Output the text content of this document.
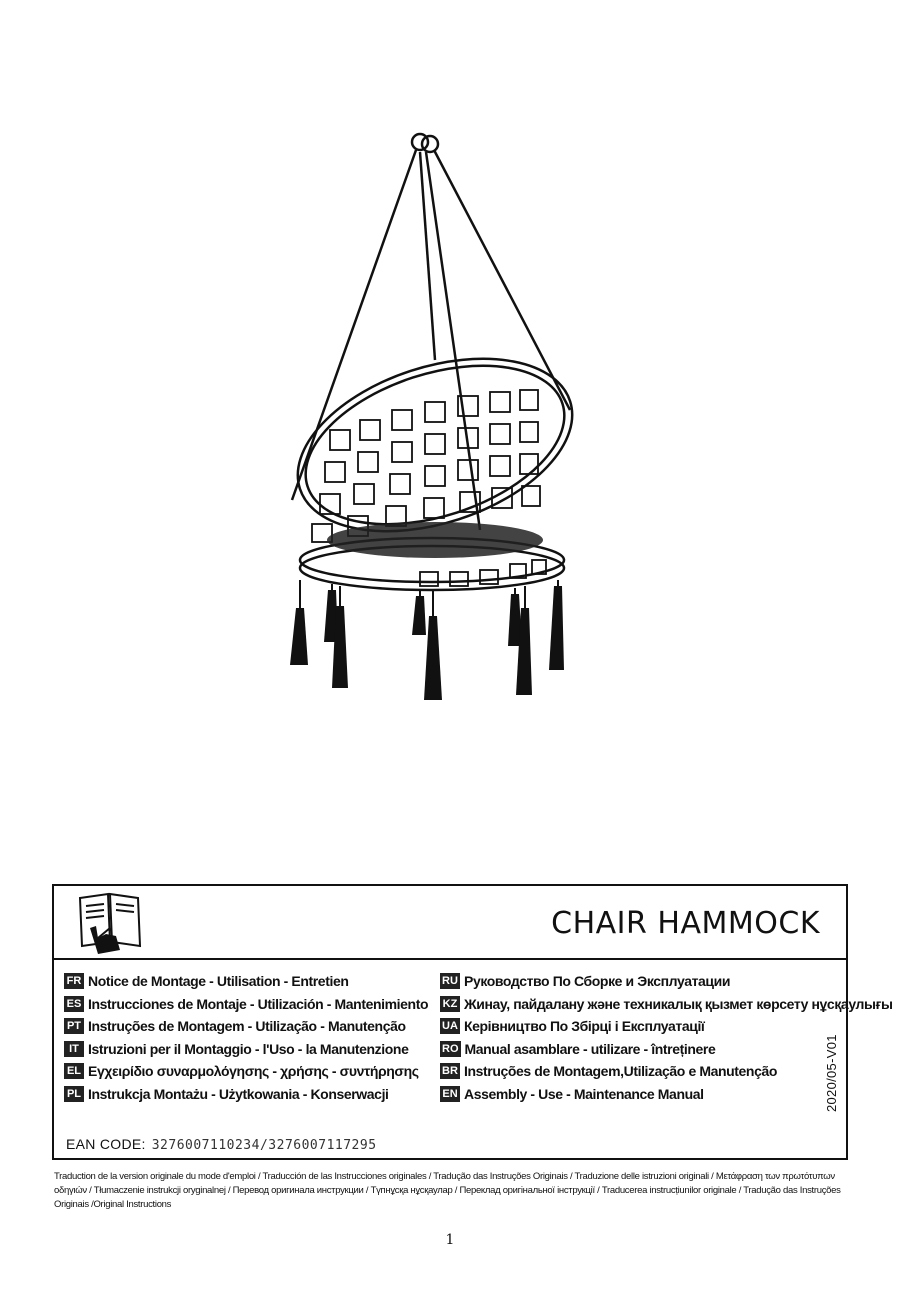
CHAIR HAMMOCK
FR Notice de Montage - Utilisation - Entretien
ES Instrucciones de Montaje - Utilización - Mantenimiento
PT Instruções de Montagem - Utilização - Manutenção
IT Istruzioni per il Montaggio - l'Uso - la Manutenzione
EL Εγχειρίδιο συναρμολόγησης - χρήσης - συντήρησης
PL Instrukcja Montażu - Użytkowania - Konserwacji
RU Руководство По Сборке и Эксплуатации
KZ Жинау, пайдалану және техникалық қызмет көрсету нұсқаулығы
UA Керівництво По Збірці і Експлуатації
RO Manual asamblare - utilizare - întreținere
BR Instruções de Montagem,Utilização e Manutenção
EN Assembly - Use - Maintenance Manual	2020/05-V01
EAN CODE: 3276007110234/3276007117295
Traduction de la version originale du mode d'emploi / Traducción de las Instrucciones originales / Tradução das Instruções Originais / Traduzione delle istruzioni originali / Μετάφραση των πρωτότυπων οδηγιών / Tłumaczenie instrukcji oryginalnej / Перевод оригинала инструкции / Түпнұсқа нұсқаулар / Переклад оригінальної інструкції / Traducerea instrucțiunilor originale / Tradução das Instruções Originais /Original Instructions
1
